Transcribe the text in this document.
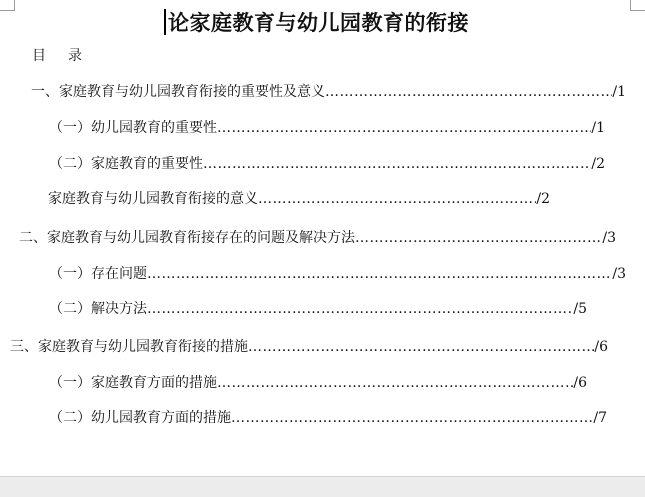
论家庭教育与幼儿园教育的衔接
目录
一、家庭教育与幼儿园教育衔接的重要性及意义 …………………………………………………………………………………………………………………………	/1
（一）幼儿园教育的重要性 …………………………………………………………………………………………………………………………	/1
（二）家庭教育的重要性 …………………………………………………………………………………………………………………………	/2
家庭教育与幼儿园教育衔接的意义 …………………………………………………………………………………………………………………………	/2
二、家庭教育与幼儿园教育衔接存在的问题及解决方法 …………………………………………………………………………………………………………………………	/3
（一）存在问题 …………………………………………………………………………………………………………………………	/3
（二）解决方法 …………………………………………………………………………………………………………………………	/5
三、家庭教育与幼儿园教育衔接的措施 …………………………………………………………………………………………………………………………	/6
（一）家庭教育方面的措施 …………………………………………………………………………………………………………………………	/6
（二）幼儿园教育方面的措施 …………………………………………………………………………………………………………………………	/7
